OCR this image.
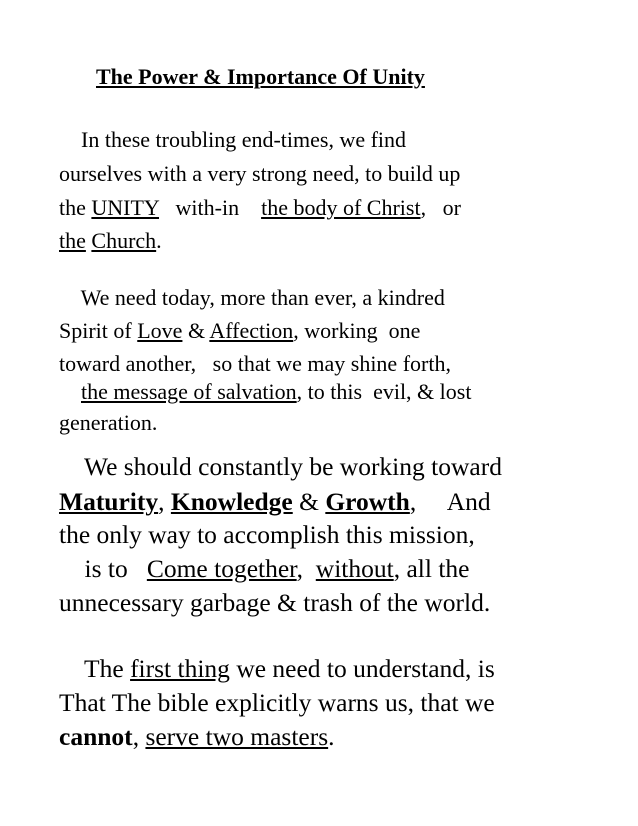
The Power & Importance Of Unity
In these troubling end-times, we find
ourselves with a very strong need, to build up
the UNITY   with-in    the body of Christ,   or
the Church.
We need today, more than ever, a kindred
Spirit of Love & Affection, working  one
toward another,   so that we may shine forth,
the message of salvation, to this  evil, & lost
generation.
We should constantly be working toward
Maturity, Knowledge & Growth,     And
the only way to accomplish this mission,
is to   Come together,  without, all the
unnecessary garbage & trash of the world.
The first thing we need to understand, is
That The bible explicitly warns us, that we
cannot, serve two masters.
